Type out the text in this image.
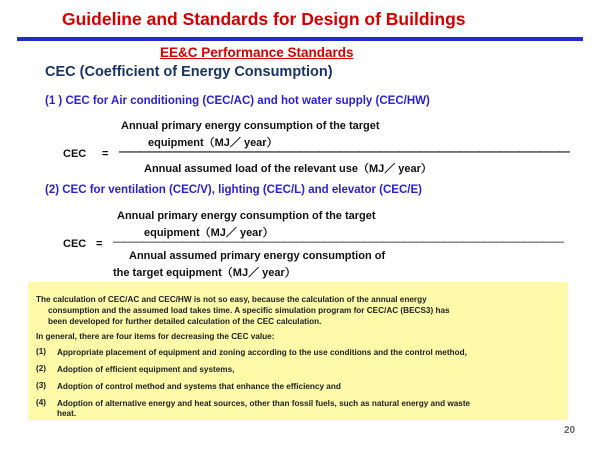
Guideline and Standards for Design of Buildings
EE&C Performance Standards
CEC (Coefficient of Energy Consumption)
(1 ) CEC for Air conditioning (CEC/AC) and hot water supply (CEC/HW)
Annual primary energy consumption of the target
equipment（MJ／ year）
CEC = —————————————————————————————————————————————
Annual assumed load of the relevant use（MJ／ year）
(2) CEC for ventilation (CEC/V), lighting (CEC/L) and elevator (CEC/E)
Annual primary energy consumption of the target
equipment（MJ／ year）
CEC = —————————————————————————————————————————————
Annual assumed primary energy consumption of
the target equipment（MJ／ year）
The calculation of CEC/AC and CEC/HW is not so easy, because the calculation of the annual energy
consumption and the assumed load takes time. A specific simulation program for CEC/AC (BECS3) has
been developed for further detailed calculation of the CEC calculation.
In general, there are four items for decreasing the CEC value:
(1) Appropriate placement of equipment and zoning according to the use conditions and the control method,
(2) Adoption of efficient equipment and systems,
(3) Adoption of control method and systems that enhance the efficiency and
(4) Adoption of alternative energy and heat sources, other than fossil fuels, such as natural energy and waste
heat.
20
